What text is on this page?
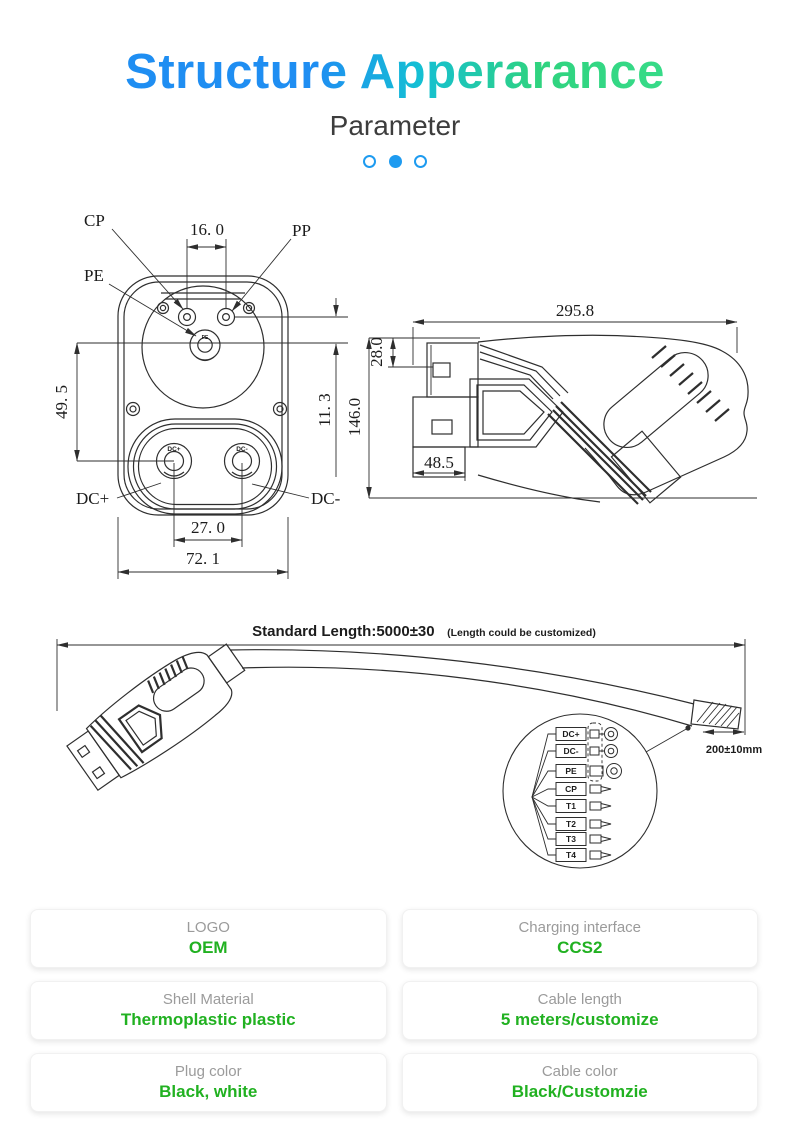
Structure Apperarance
Parameter

PE
DC+	DC-
16. 0
49. 5	11. 3
27. 0
72. 1
CP
PP
PE
DC+	DC-
295.8
28.0
146.0
48.5
Standard Length:5000±30 (Length could be customized)
200±10mm
DC+
DC-
PE
CP
T1
T2
T3
T4
LOGO
OEM
Charging interface
CCS2
Shell Material
Thermoplastic plastic
Cable length
5 meters/customize
Plug color
Black, white
Cable color
Black/Customzie
